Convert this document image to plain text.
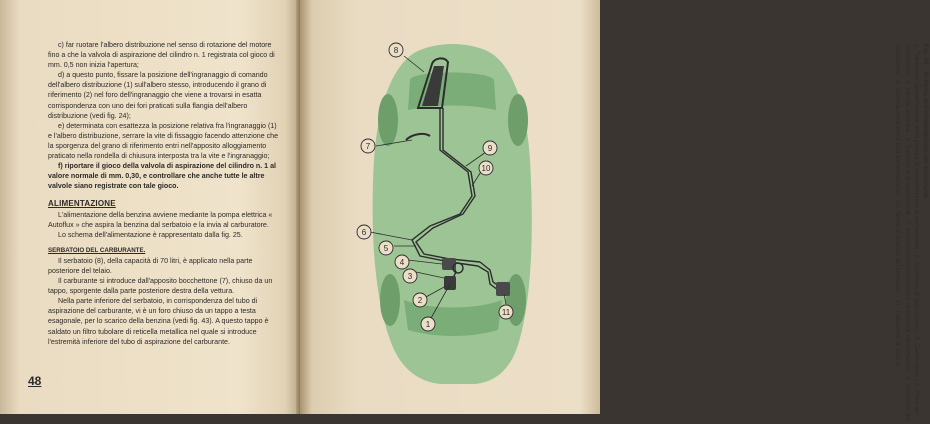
c) far ruotare l'albero distribuzione nel senso di rotazione del motore fino a che la valvola di aspirazione del cilindro n. 1 registrata col gioco di mm. 0,5 non inizia l'apertura;

d) a questo punto, fissare la posizione dell'ingranaggio di comando dell'albero distribuzione (1) sull'albero stesso, introducendo il grano di riferimento (2) nel foro dell'ingranaggio che viene a trovarsi in esatta corrispondenza con uno dei fori praticati sulla flangia dell'albero distribuzione (vedi fig. 24);

e) determinata con esattezza la posizione relativa fra l'ingranaggio (1) e l'albero distribuzione, serrare la vite di fissaggio facendo attenzione che la sporgenza del grano di riferimento entri nell'apposito alloggiamento praticato nella rondella di chiusura interposta tra la vite e l'ingranaggio;

f) riportare il gioco della valvola di aspirazione del cilindro n. 1 al valore normale di mm. 0,30, e controllare che anche tutte le altre valvole siano registrate con tale gioco.

ALIMENTAZIONE

L'alimentazione della benzina avviene mediante la pompa elettrica « Autoflux » che aspira la benzina dal serbatoio e la invia al carburatore.

Lo schema dell'alimentazione è rappresentato dalla fig. 25.

SERBATOIO DEL CARBURANTE.

Il serbatoio (8), della capacità di 70 litri, è applicato nella parte posteriore del telaio.

Il carburante si introduce dall'apposito bocchettone (7), chiuso da un tappo, sporgente dalla parte posteriore destra della vettura.

Nella parte inferiore del serbatoio, in corrispondenza del tubo di aspirazione del carburante, vi è un foro chiuso da un tappo a testa esagonale, per lo scarico della benzina (vedi fig. 43). A questo tappo è saldato un filtro tubolare di reticella metallica nel quale si introduce l'estremità inferiore del tubo di aspirazione del carburante.

48
8
7	9
10
6
5
4
3
2
1
11

Fig. 25. - Schema dell'alimentazione del carburante.

1. Tubazione del carburante dalla pompa di alimentazione al carburatore - 2. Collettore di aspirazione - 3. Carburatore - 4. Filtro del carburante - 5. Pompa elettrica - 6. Tubazione di aspirazione - 7. Bocchettone introduzione carburante nel serbatoio - 8. Serbatoio del carburante - 9. Galleria protezione tubi alimentazione - 10. Spina di scarico del serbatoio - 11. Tubazione di ritorno.
